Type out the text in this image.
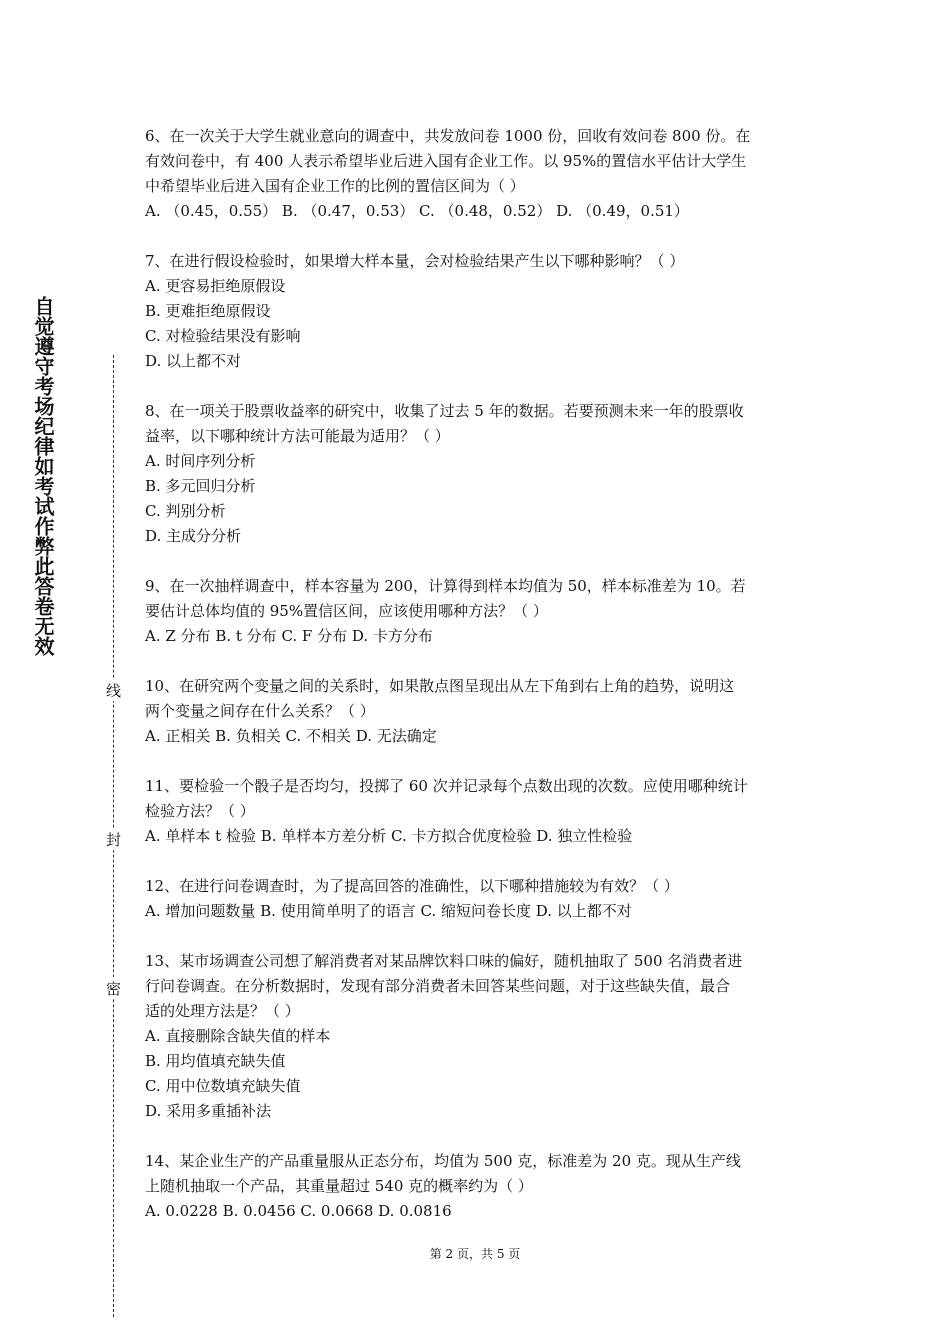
自觉遵守考场纪律如考试作弊此答卷无效
线
封
密
6、在一次关于大学生就业意向的调查中，共发放问卷 1000 份，回收有效问卷 800 份。在
有效问卷中，有 400 人表示希望毕业后进入国有企业工作。以 95%的置信水平估计大学生
中希望毕业后进入国有企业工作的比例的置信区间为（ ）
A. （0.45，0.55） B. （0.47，0.53） C. （0.48，0.52） D. （0.49，0.51）
7、在进行假设检验时，如果增大样本量，会对检验结果产生以下哪种影响？（ ）
A. 更容易拒绝原假设
B. 更难拒绝原假设
C. 对检验结果没有影响
D. 以上都不对
8、在一项关于股票收益率的研究中，收集了过去 5 年的数据。若要预测未来一年的股票收
益率，以下哪种统计方法可能最为适用？（ ）
A. 时间序列分析
B. 多元回归分析
C. 判别分析
D. 主成分分析
9、在一次抽样调查中，样本容量为 200，计算得到样本均值为 50，样本标准差为 10。若
要估计总体均值的 95%置信区间，应该使用哪种方法？（ ）
A. Z 分布 B. t 分布 C. F 分布 D. 卡方分布
10、在研究两个变量之间的关系时，如果散点图呈现出从左下角到右上角的趋势，说明这
两个变量之间存在什么关系？（ ）
A. 正相关 B. 负相关 C. 不相关 D. 无法确定
11、要检验一个骰子是否均匀，投掷了 60 次并记录每个点数出现的次数。应使用哪种统计
检验方法？（ ）
A. 单样本 t 检验 B. 单样本方差分析 C. 卡方拟合优度检验 D. 独立性检验
12、在进行问卷调查时，为了提高回答的准确性，以下哪种措施较为有效？（ ）
A. 增加问题数量 B. 使用简单明了的语言 C. 缩短问卷长度 D. 以上都不对
13、某市场调查公司想了解消费者对某品牌饮料口味的偏好，随机抽取了 500 名消费者进
行问卷调查。在分析数据时，发现有部分消费者未回答某些问题，对于这些缺失值，最合
适的处理方法是？（ ）
A. 直接删除含缺失值的样本
B. 用均值填充缺失值
C. 用中位数填充缺失值
D. 采用多重插补法
14、某企业生产的产品重量服从正态分布，均值为 500 克，标准差为 20 克。现从生产线
上随机抽取一个产品，其重量超过 540 克的概率约为（ ）
A. 0.0228 B. 0.0456 C. 0.0668 D. 0.0816
第 2 页，共 5 页
